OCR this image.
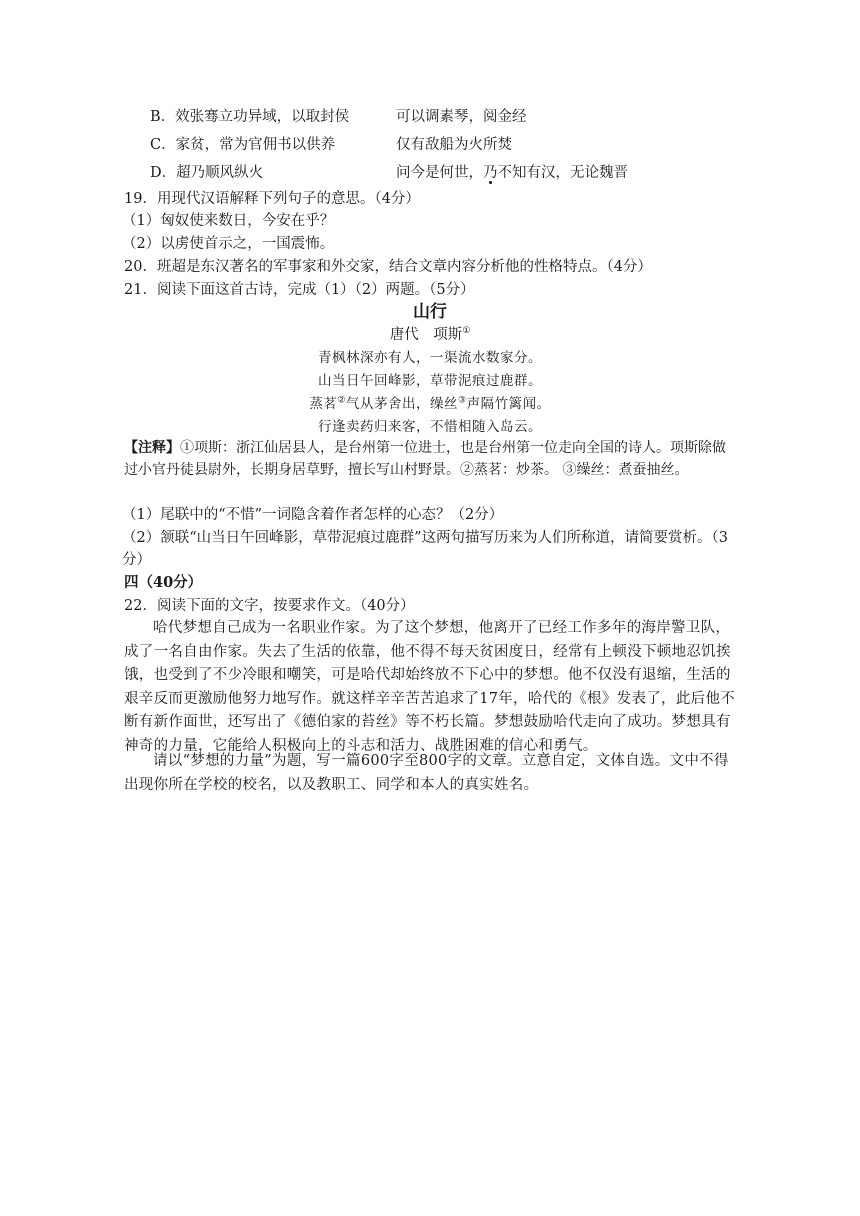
B．效张骞立功异域，以取封侯	可以调素琴，阅金经
C．家贫，常为官佣书以供养	仅有敌船为火所焚
D．超乃顺风纵火	问今是何世，乃不知有汉，无论魏晋
19．用现代汉语解释下列句子的意思。（4分）
（1）匈奴使来数日，今安在乎？
（2）以虏使首示之，一国震怖。
20．班超是东汉著名的军事家和外交家，结合文章内容分析他的性格特点。（4分）
21．阅读下面这首古诗，完成（1）（2）两题。（5分）
山行
唐代　项斯①
青枫林深亦有人，一渠流水数家分。
山当日午回峰影，草带泥痕过鹿群。
蒸茗②气从茅舍出，缲丝③声隔竹篱闻。
行逢卖药归来客，不惜相随入岛云。
【注释】①项斯：浙江仙居县人，是台州第一位进士，也是台州第一位走向全国的诗人。项斯除做过小官丹徒县尉外，长期身居草野，擅长写山村野景。②蒸茗：炒茶。 ③缲丝：煮蚕抽丝。
（1）尾联中的“不惜”一词隐含着作者怎样的心态？（2分）
（2）颔联“山当日午回峰影，草带泥痕过鹿群”这两句描写历来为人们所称道，请简要赏析。（3分）
四（40分）
22．阅读下面的文字，按要求作文。（40分）
哈代梦想自己成为一名职业作家。为了这个梦想，他离开了已经工作多年的海岸警卫队，成了一名自由作家。失去了生活的依靠，他不得不每天贫困度日，经常有上顿没下顿地忍饥挨饿，也受到了不少冷眼和嘲笑，可是哈代却始终放不下心中的梦想。他不仅没有退缩，生活的艰辛反而更激励他努力地写作。就这样辛辛苦苦追求了17年，哈代的《根》发表了，此后他不断有新作面世，还写出了《德伯家的苔丝》等不朽长篇。梦想鼓励哈代走向了成功。梦想具有神奇的力量，它能给人积极向上的斗志和活力、战胜困难的信心和勇气。
请以“梦想的力量”为题，写一篇600字至800字的文章。立意自定，文体自选。文中不得出现你所在学校的校名，以及教职工、同学和本人的真实姓名。
